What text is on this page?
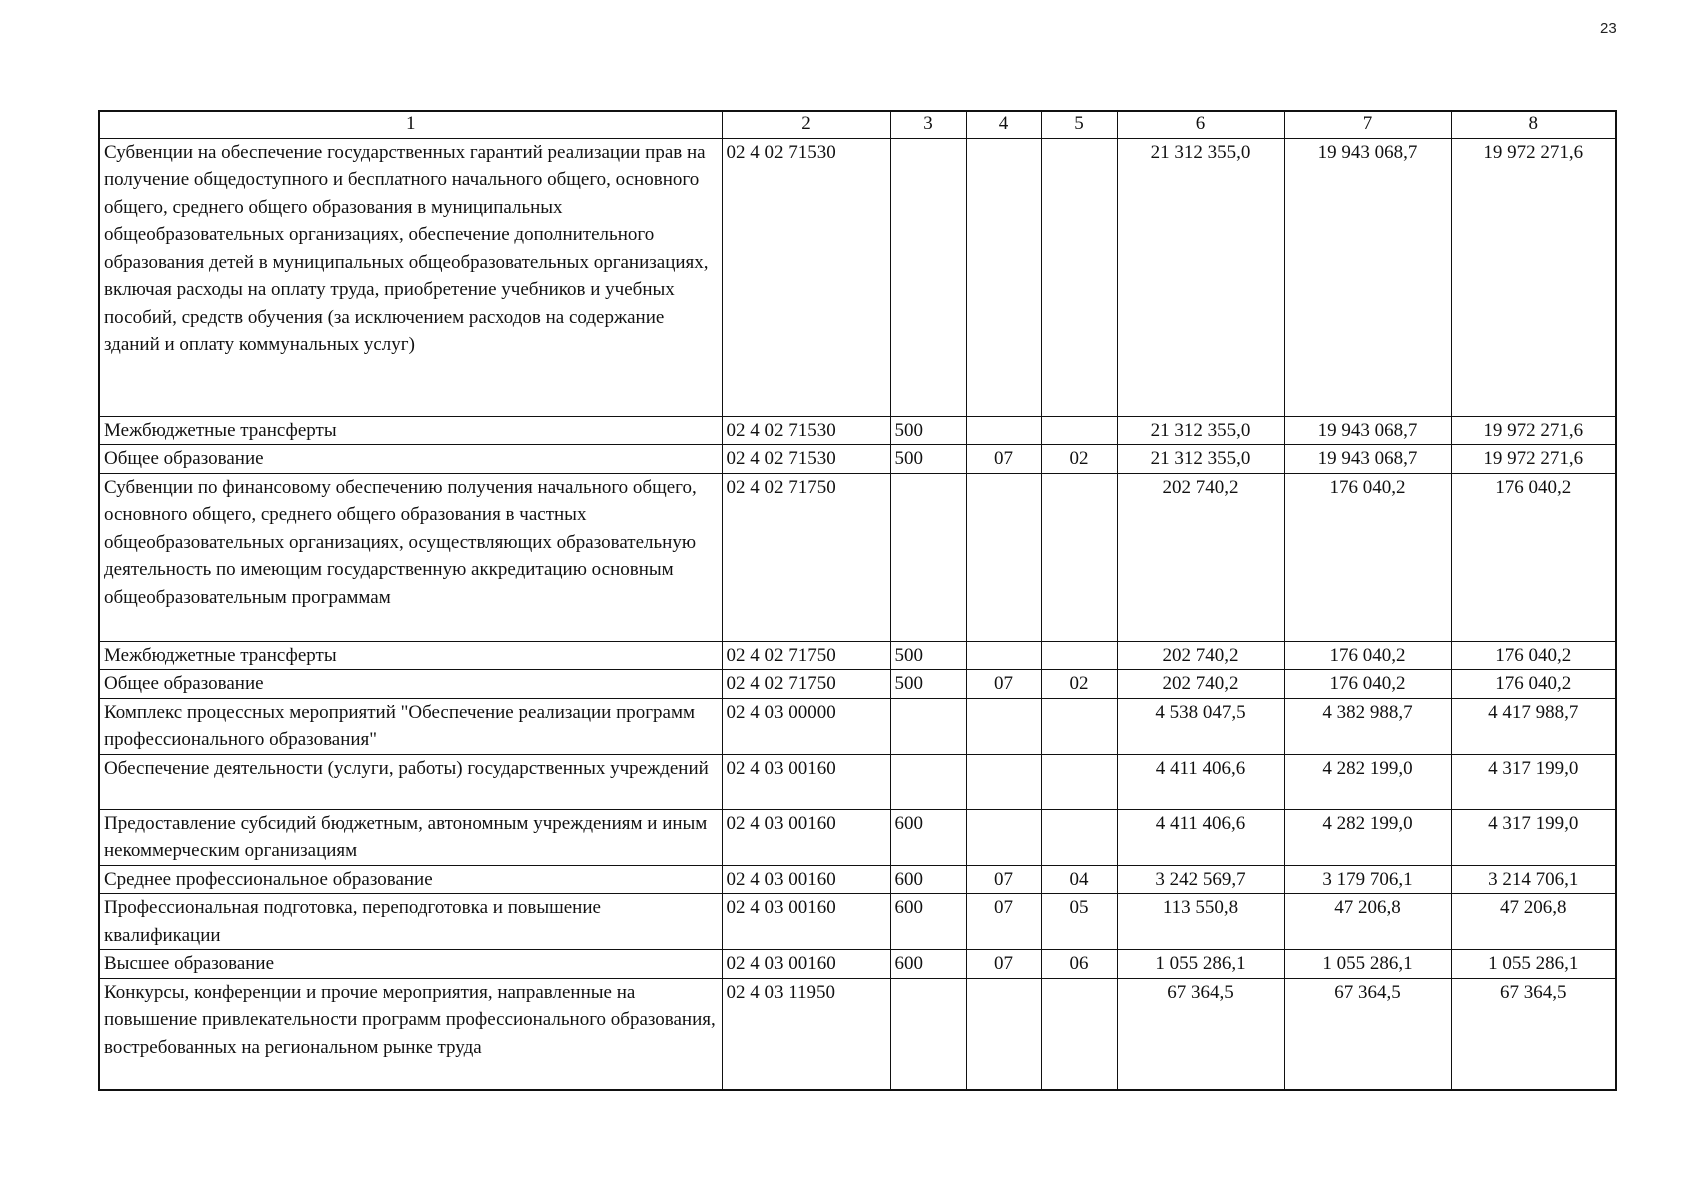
23
1	2	3	4	5	6	7	8
Субвенции на обеспечение государственных гарантий реализации прав на получение общедоступного и бесплатного начального общего, основного общего, среднего общего образования в муниципальных общеобразовательных организациях, обеспечение дополнительного образования детей в муниципальных общеобразовательных организациях, включая расходы на оплату труда, приобретение учебников и учебных пособий, средств обучения (за исключением расходов на содержание зданий и оплату коммунальных услуг)	02 4 02 71530				21 312 355,0	19 943 068,7	19 972 271,6
Межбюджетные трансферты	02 4 02 71530	500			21 312 355,0	19 943 068,7	19 972 271,6
Общее образование	02 4 02 71530	500	07	02	21 312 355,0	19 943 068,7	19 972 271,6
Субвенции по финансовому обеспечению получения начального общего, основного общего, среднего общего образования в частных общеобразовательных организациях, осуществляющих образовательную деятельность по имеющим государственную аккредитацию основным общеобразовательным программам	02 4 02 71750				202 740,2	176 040,2	176 040,2
Межбюджетные трансферты	02 4 02 71750	500			202 740,2	176 040,2	176 040,2
Общее образование	02 4 02 71750	500	07	02	202 740,2	176 040,2	176 040,2
Комплекс процессных мероприятий "Обеспечение реализации программ профессионального образования"	02 4 03 00000				4 538 047,5	4 382 988,7	4 417 988,7
Обеспечение деятельности (услуги, работы) государственных учреждений	02 4 03 00160				4 411 406,6	4 282 199,0	4 317 199,0
Предоставление субсидий бюджетным, автономным учреждениям и иным некоммерческим организациям	02 4 03 00160	600			4 411 406,6	4 282 199,0	4 317 199,0
Среднее профессиональное образование	02 4 03 00160	600	07	04	3 242 569,7	3 179 706,1	3 214 706,1
Профессиональная подготовка, переподготовка и повышение квалификации	02 4 03 00160	600	07	05	113 550,8	47 206,8	47 206,8
Высшее образование	02 4 03 00160	600	07	06	1 055 286,1	1 055 286,1	1 055 286,1
Конкурсы, конференции и прочие мероприятия, направленные на повышение привлекательности программ профессионального образования, востребованных на региональном рынке труда	02 4 03 11950				67 364,5	67 364,5	67 364,5
